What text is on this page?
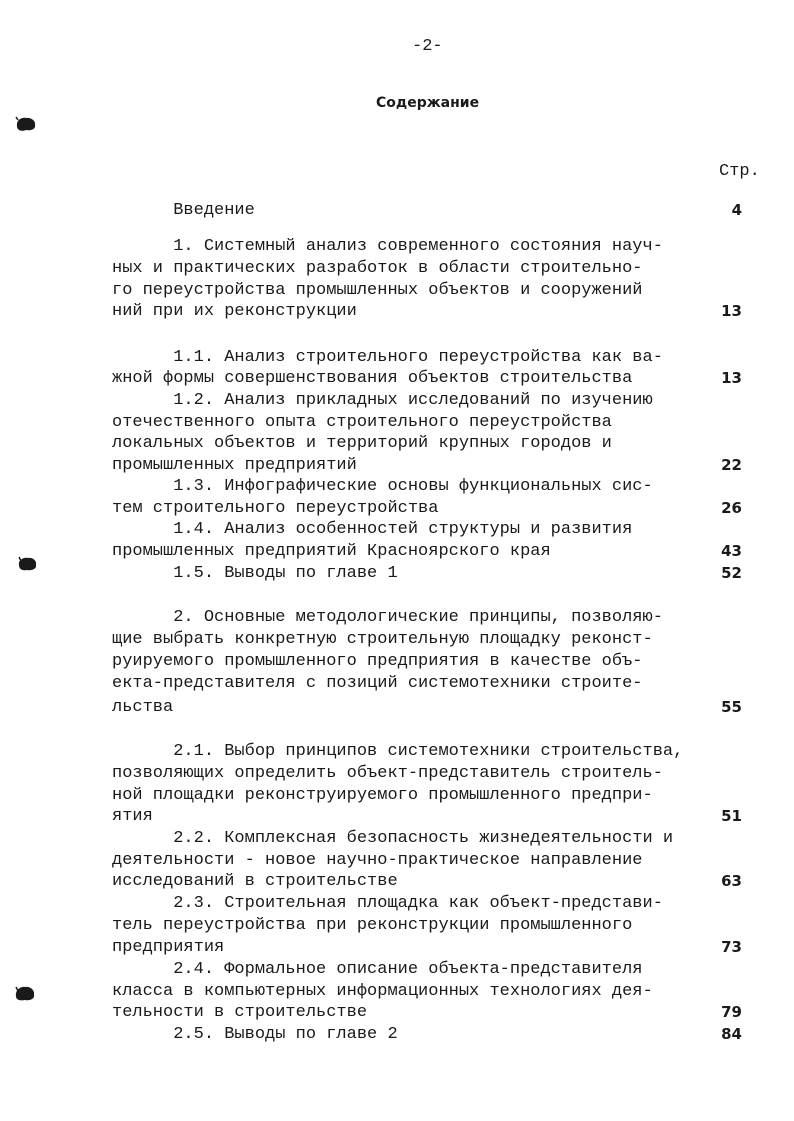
-2-
Содержание
Стр.
Введение	4
1. Системный анализ современного состояния науч-
ных и практических разработок в области строительно-
го переустройства промышленных объектов и сооружений
ний при их реконструкции	13
1.1. Анализ строительного переустройства как ва-
жной формы совершенствования объектов строительства	13
1.2. Анализ прикладных исследований по изучению
отечественного опыта строительного переустройства
локальных объектов и территорий крупных городов и
промышленных предприятий	22
1.3. Инфографические основы функциональных сис-
тем строительного переустройства	26
1.4. Анализ особенностей структуры и развития
промышленных предприятий Красноярского края	43
1.5. Выводы по главе 1	52
2. Основные методологические принципы, позволяю-
щие выбрать конкретную строительную площадку реконст-
руируемого промышленного предприятия в качестве объ-
екта-представителя с позиций системотехники строите-
льства	55
2.1. Выбор принципов системотехники строительства,
позволяющих определить объект-представитель строитель-
ной площадки реконструируемого промышленного предпри-
ятия	51
2.2. Комплексная безопасность жизнедеятельности и
деятельности - новое научно-практическое направление
исследований в строительстве	63
2.3. Строительная площадка как объект-представи-
тель переустройства при реконструкции промышленного
предприятия	73
2.4. Формальное описание объекта-представителя
класса в компьютерных информационных технологиях дея-
тельности в строительстве	79
2.5. Выводы по главе 2	84
